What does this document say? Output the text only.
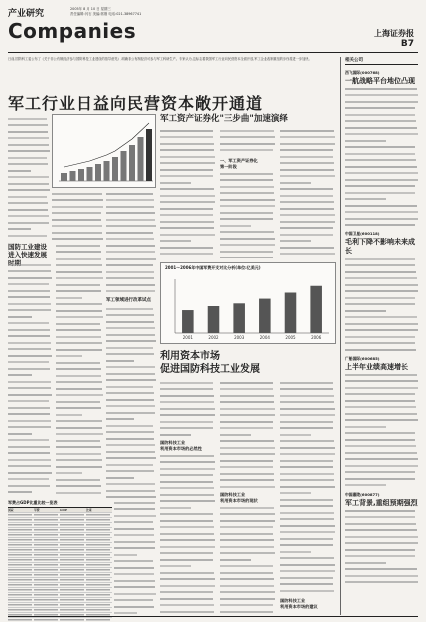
产业研究
Companies
2005年 8 月 10 日 星期三
责任编辑:闫石 美编:郭刚 电话:021-38967741
上海证券报
B7
日前,国防科工委公布了《关于非公有制经济参与国防科技工业建设的指导意见》,明确非公有制经济可参与军工科研生产。专家认为,这标志着我国军工行业向民营资本全面开放,军工企业改制重组的步伐将进一步加快。
军工行业日益向民营资本敞开通道
国防工业建设
进入快速发展
军工领域进行改革试点
军费占GDP比重比较一览表
国家	军费	GDP	比重
军工资产证券化"三步曲"加速演绎
一、军工资产证券化
第一阶段
2001～2006年中国军费开支对比分析(单位:亿美元)
2001	2002	2003	2004	2005	2006
利用资本市场
促进国防科技工业发展
国防科技工业
利用资本市场的必然性
国防科技工业
利用资本市场的现状
国防科技工业
利用资本市场的建议
相关公司
西飞国际(000768)
一航战略平台地位凸现
中国卫星(600118)
毛利下降不影响未来成长
广船国际(600685)
上半年业绩高速增长
中国嘉陵(600877)
军工背景,重组预期强烈
